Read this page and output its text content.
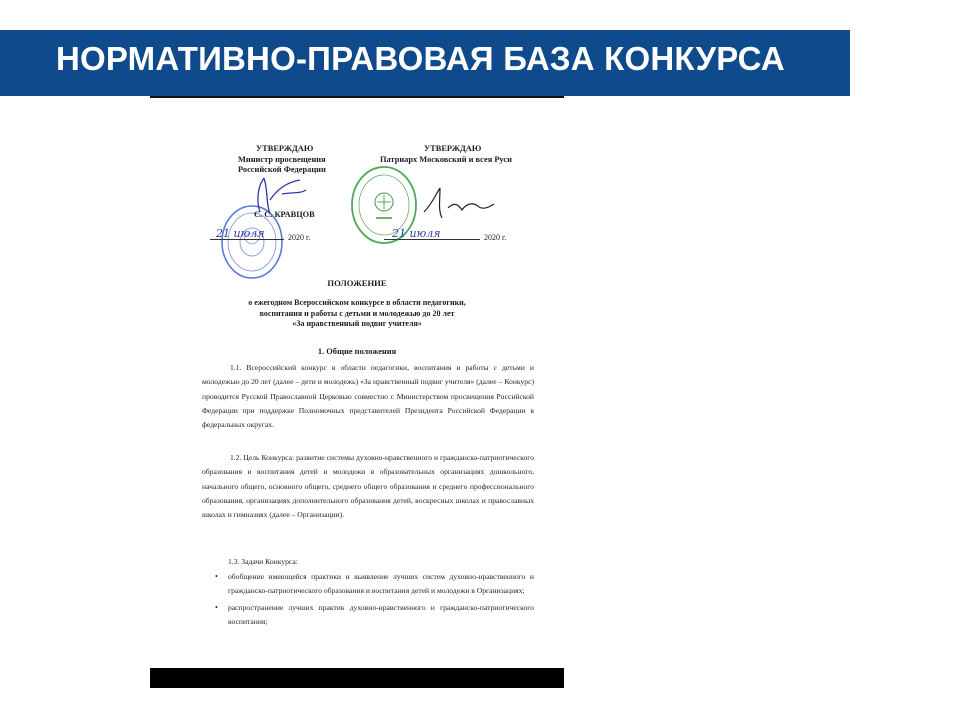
НОРМАТИВНО-ПРАВОВАЯ БАЗА КОНКУРСА
УТВЕРЖДАЮ
Министр просвещения
Российской Федерации
УТВЕРЖДАЮ
Патриарх Московский и всея Руси
С. С. КРАВЦОВ

21 июля	2020 г.
	21 июля	2020 г.
ПОЛОЖЕНИЕ
о ежегодном Всероссийском конкурсе в области педагогики,
воспитания и работы с детьми и молодежью до 20 лет
«За нравственный подвиг учителя»
1. Общие положения
1.1. Всероссийский конкурс в области педагогики, воспитания и работы с детьми и молодежью до 20 лет (далее – дети и молодежь) «За нравственный подвиг учителя» (далее – Конкурс) проводится Русской Православной Церковью совместно с Министерством просвещения Российской Федерации при поддержке Полномочных представителей Президента Российской Федерации в федеральных округах.
1.2. Цель Конкурса: развитие системы духовно-нравственного и гражданско-патриотического образования и воспитания детей и молодежи в образовательных организациях дошкольного, начального общего, основного общего, среднего общего образования и среднего профессионального образования, организациях дополнительного образования детей, воскресных школах и православных школах и гимназиях (далее – Организации).
1.3. Задачи Конкурса:
• обобщение имеющейся практики и выявление лучших систем духовно-нравственного и гражданско-патриотического образования и воспитания детей и молодежи в Организациях;
• распространение лучших практик духовно-нравственного и гражданско-патриотического воспитания;
